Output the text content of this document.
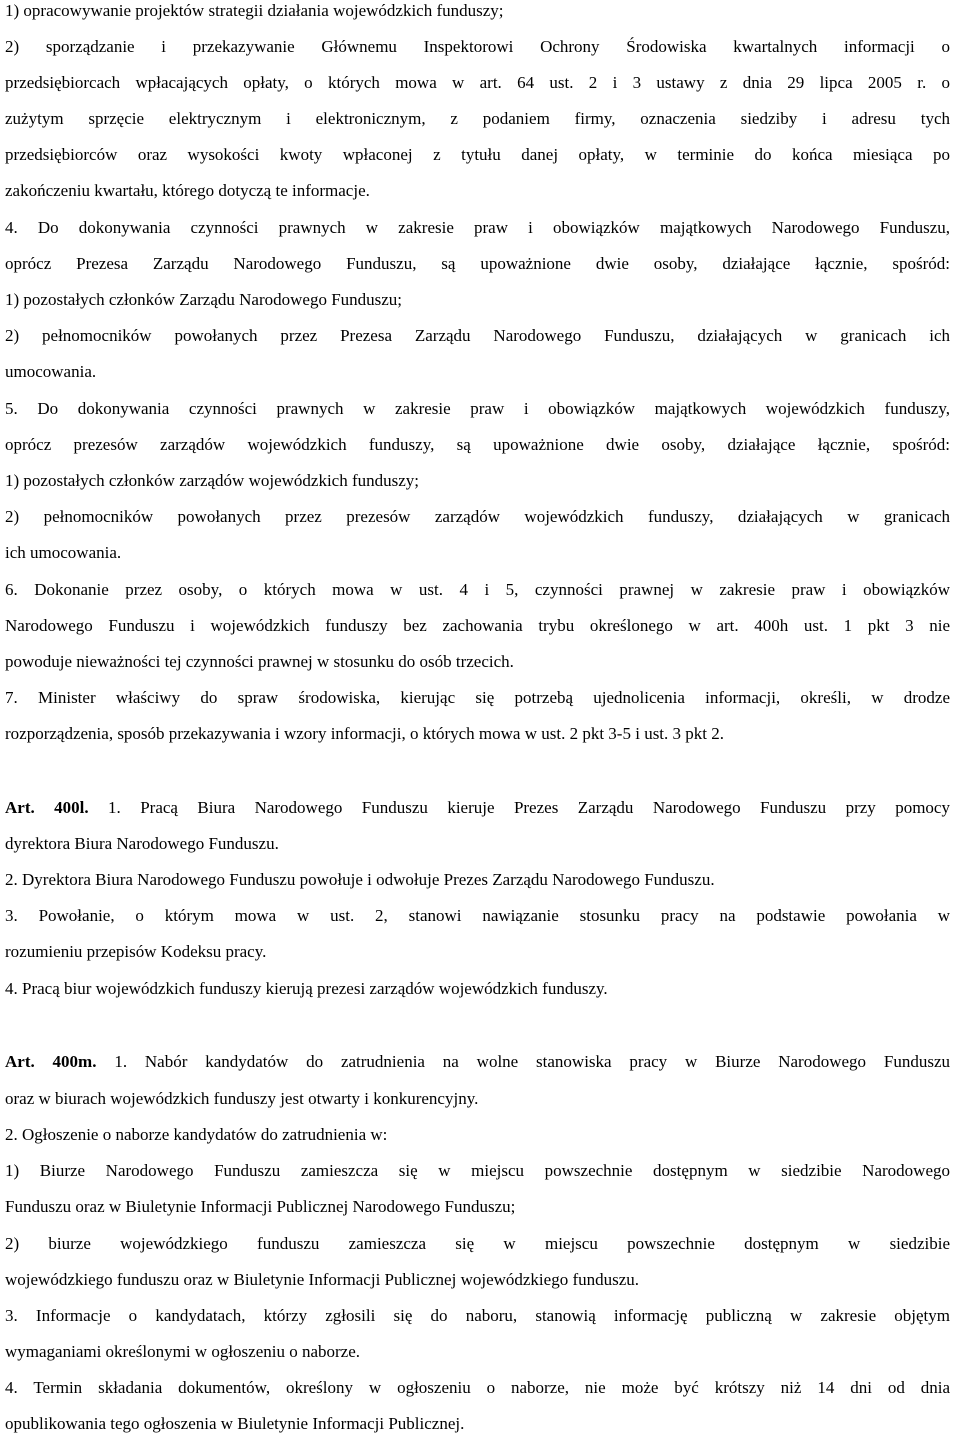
1) opracowywanie projektów strategii działania wojewódzkich funduszy;
2) sporządzanie i przekazywanie Głównemu Inspektorowi Ochrony Środowiska kwartalnych informacji o
przedsiębiorcach wpłacających opłaty, o których mowa w art. 64 ust. 2 i 3 ustawy z dnia 29 lipca 2005 r. o
zużytym sprzęcie elektrycznym i elektronicznym, z podaniem firmy, oznaczenia siedziby i adresu tych
przedsiębiorców oraz wysokości kwoty wpłaconej z tytułu danej opłaty, w terminie do końca miesiąca po
zakończeniu kwartału, którego dotyczą te informacje.
4. Do dokonywania czynności prawnych w zakresie praw i obowiązków majątkowych Narodowego Funduszu,
oprócz Prezesa Zarządu Narodowego Funduszu, są upoważnione dwie osoby, działające łącznie, spośród:
1) pozostałych członków Zarządu Narodowego Funduszu;
2) pełnomocników powołanych przez Prezesa Zarządu Narodowego Funduszu, działających w granicach ich
umocowania.
5. Do dokonywania czynności prawnych w zakresie praw i obowiązków majątkowych wojewódzkich funduszy,
oprócz prezesów zarządów wojewódzkich funduszy, są upoważnione dwie osoby, działające łącznie, spośród:
1) pozostałych członków zarządów wojewódzkich funduszy;
2) pełnomocników powołanych przez prezesów zarządów wojewódzkich funduszy, działających w granicach
ich umocowania.
6. Dokonanie przez osoby, o których mowa w ust. 4 i 5, czynności prawnej w zakresie praw i obowiązków
Narodowego Funduszu i wojewódzkich funduszy bez zachowania trybu określonego w art. 400h ust. 1 pkt 3 nie
powoduje nieważności tej czynności prawnej w stosunku do osób trzecich.
7. Minister właściwy do spraw środowiska, kierując się potrzebą ujednolicenia informacji, określi, w drodze
rozporządzenia, sposób przekazywania i wzory informacji, o których mowa w ust. 2 pkt 3-5 i ust. 3 pkt 2.
Art. 400l. 1. Pracą Biura Narodowego Funduszu kieruje Prezes Zarządu Narodowego Funduszu przy pomocy
dyrektora Biura Narodowego Funduszu.
2. Dyrektora Biura Narodowego Funduszu powołuje i odwołuje Prezes Zarządu Narodowego Funduszu.
3. Powołanie, o którym mowa w ust. 2, stanowi nawiązanie stosunku pracy na podstawie powołania w
rozumieniu przepisów Kodeksu pracy.
4. Pracą biur wojewódzkich funduszy kierują prezesi zarządów wojewódzkich funduszy.
Art. 400m. 1. Nabór kandydatów do zatrudnienia na wolne stanowiska pracy w Biurze Narodowego Funduszu
oraz w biurach wojewódzkich funduszy jest otwarty i konkurencyjny.
2. Ogłoszenie o naborze kandydatów do zatrudnienia w:
1) Biurze Narodowego Funduszu zamieszcza się w miejscu powszechnie dostępnym w siedzibie Narodowego
Funduszu oraz w Biuletynie Informacji Publicznej Narodowego Funduszu;
2) biurze wojewódzkiego funduszu zamieszcza się w miejscu powszechnie dostępnym w siedzibie
wojewódzkiego funduszu oraz w Biuletynie Informacji Publicznej wojewódzkiego funduszu.
3. Informacje o kandydatach, którzy zgłosili się do naboru, stanowią informację publiczną w zakresie objętym
wymaganiami określonymi w ogłoszeniu o naborze.
4. Termin składania dokumentów, określony w ogłoszeniu o naborze, nie może być krótszy niż 14 dni od dnia
opublikowania tego ogłoszenia w Biuletynie Informacji Publicznej.
